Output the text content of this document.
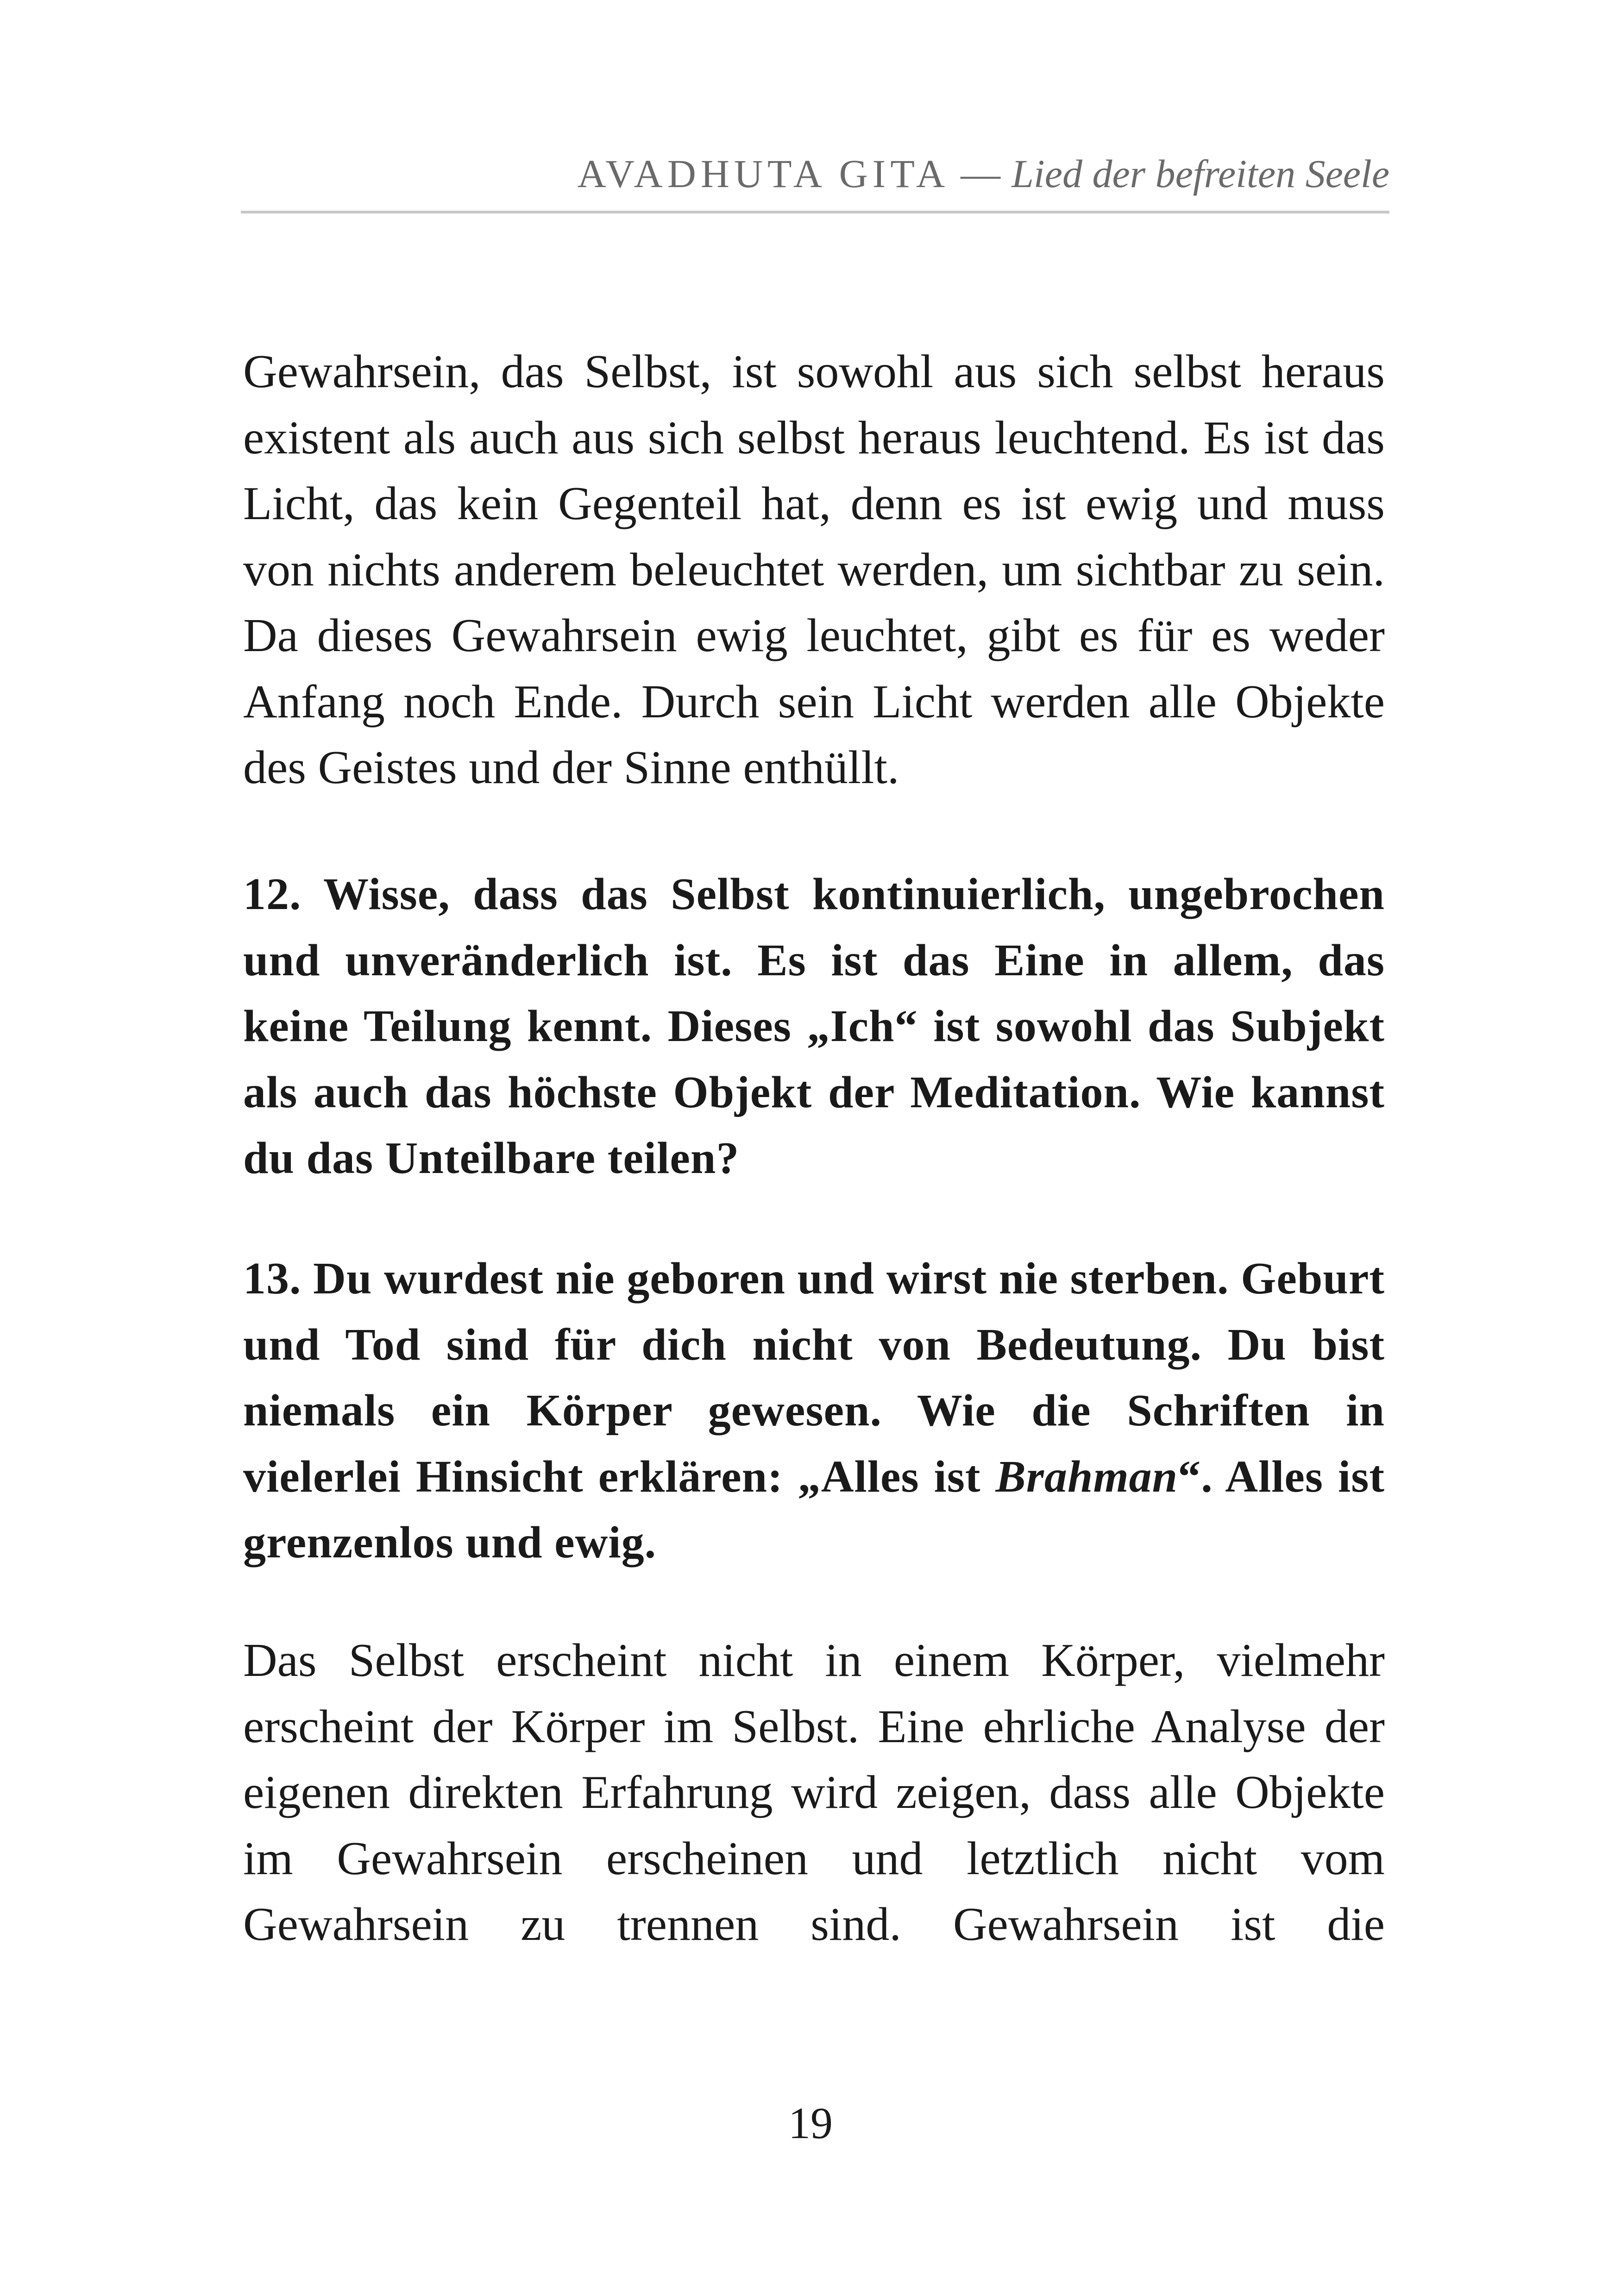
AVADHUTA GITA — Lied der befreiten Seele

Gewahrsein, das Selbst, ist sowohl aus sich selbst heraus existent als auch aus sich selbst heraus leuchtend. Es ist das Licht, das kein Gegenteil hat, denn es ist ewig und muss von nichts anderem beleuchtet werden, um sichtbar zu sein. Da dieses Gewahrsein ewig leuchtet, gibt es für es weder Anfang noch Ende. Durch sein Licht werden alle Objekte des Geistes und der Sinne enthüllt.

12. Wisse, dass das Selbst kontinuierlich, ungebrochen und unveränderlich ist. Es ist das Eine in allem, das keine Teilung kennt. Dieses „Ich“ ist sowohl das Subjekt als auch das höchste Objekt der Meditation. Wie kannst du das Unteilbare teilen?

13. Du wurdest nie geboren und wirst nie sterben. Geburt und Tod sind für dich nicht von Bedeutung. Du bist niemals ein Körper gewesen. Wie die Schriften in vielerlei Hinsicht erklären: „Alles ist Brahman“. Alles ist grenzenlos und ewig.

Das Selbst erscheint nicht in einem Körper, vielmehr erscheint der Körper im Selbst. Eine ehrliche Analyse der eigenen direkten Erfahrung wird zeigen, dass alle Objekte im Gewahrsein erscheinen und letztlich nicht vom Gewahrsein zu trennen sind. Gewahrsein ist die

19
